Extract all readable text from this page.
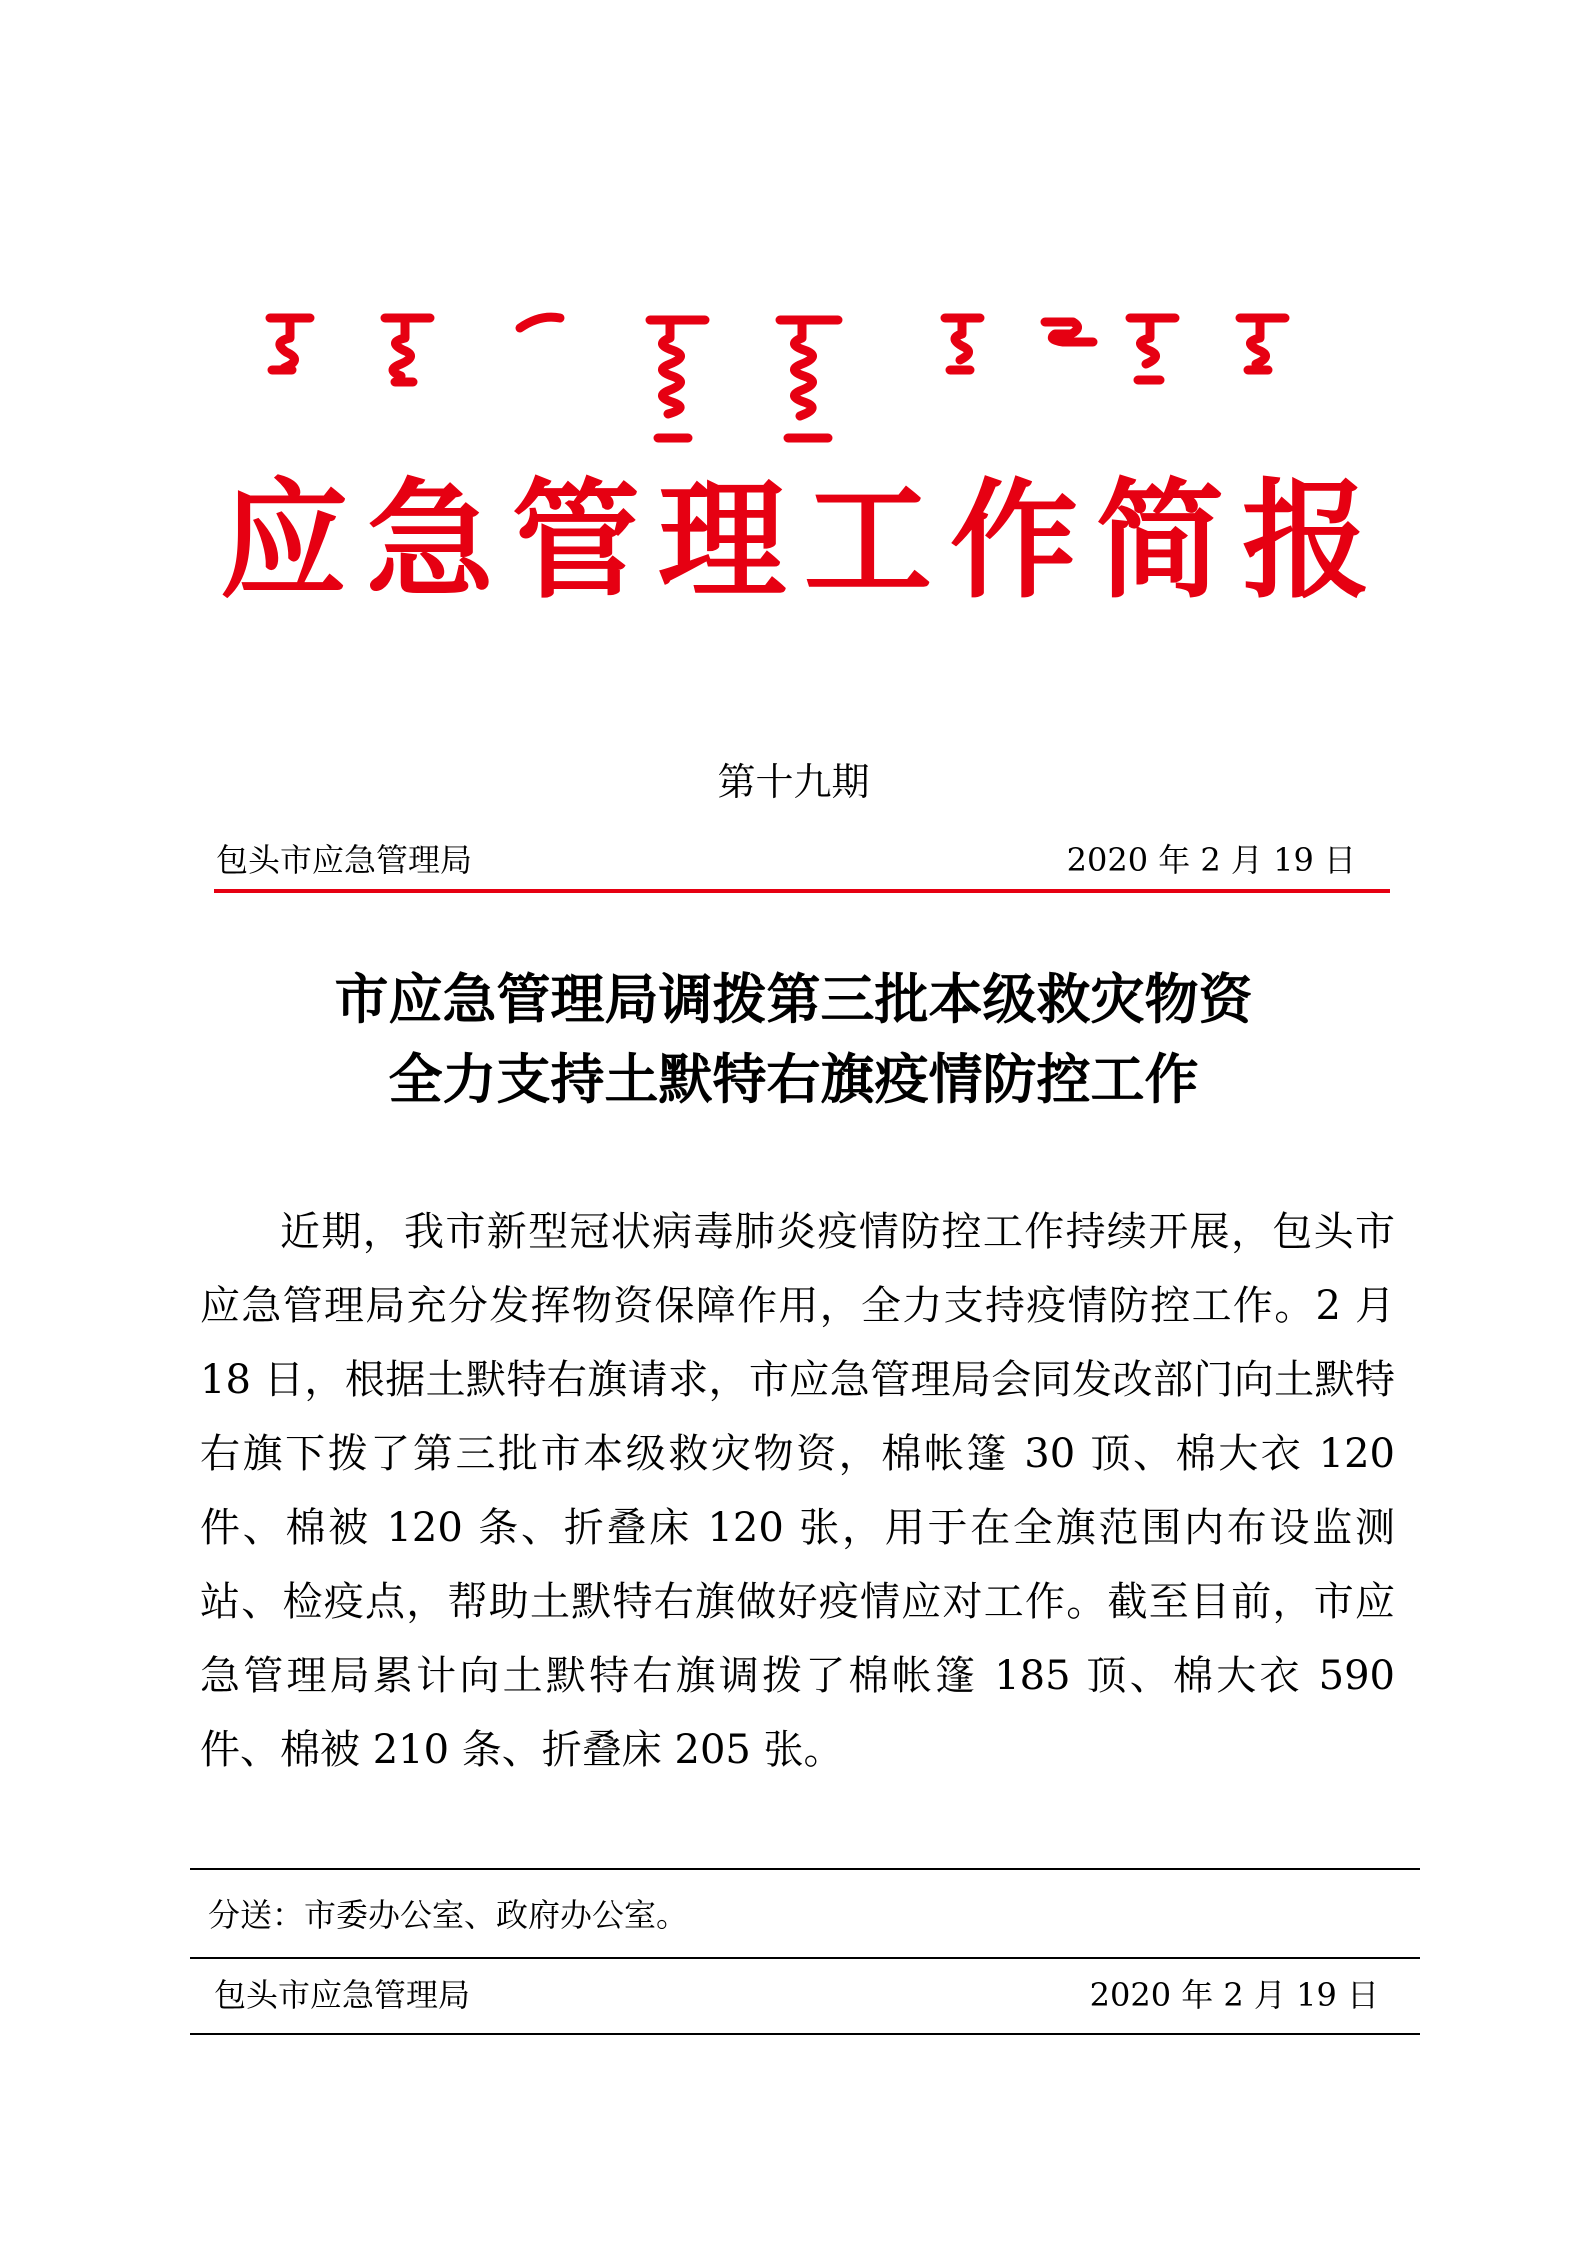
应急管理工作简报
第十九期
包头市应急管理局	2020 年 2 月 19 日
市应急管理局调拨第三批本级救灾物资
全力支持土默特右旗疫情防控工作

近期，我市新型冠状病毒肺炎疫情防控工作持续开展，包头市应急管理局充分发挥物资保障作用，全力支持疫情防控工作。2 月 18 日，根据土默特右旗请求，市应急管理局会同发改部门向土默特右旗下拨了第三批市本级救灾物资，棉帐篷 30 顶、棉大衣 120 件、棉被 120 条、折叠床 120 张，用于在全旗范围内布设监测站、检疫点，帮助土默特右旗做好疫情应对工作。截至目前，市应急管理局累计向土默特右旗调拨了棉帐篷 185 顶、棉大衣 590 件、棉被 210 条、折叠床 205 张。

分送：市委办公室、政府办公室。
包头市应急管理局	2020 年 2 月 19 日
